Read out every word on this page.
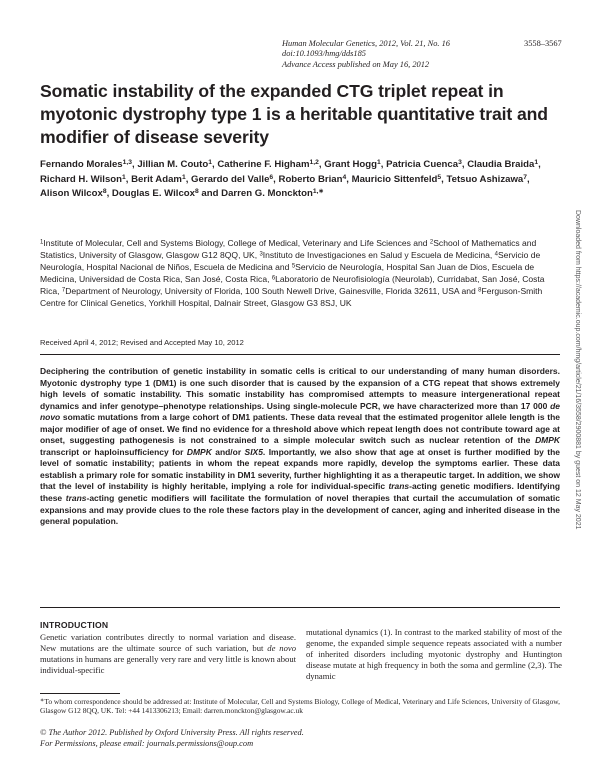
Human Molecular Genetics, 2012, Vol. 21, No. 16	3558–3567
doi:10.1093/hmg/dds185
Advance Access published on May 16, 2012
Somatic instability of the expanded CTG triplet repeat in myotonic dystrophy type 1 is a heritable quantitative trait and modifier of disease severity
Fernando Morales$^{1,3}$, Jillian M. Couto$^1$, Catherine F. Higham$^{1,2}$, Grant Hogg$^1$, Patricia Cuenca$^3$, Claudia Braida$^1$, Richard H. Wilson$^1$, Berit Adam$^1$, Gerardo del Valle$^6$, Roberto Brian$^4$, Mauricio Sittenfeld$^5$, Tetsuo Ashizawa$^7$, Alison Wilcox$^8$, Douglas E. Wilcox$^8$ and Darren G. Monckton$^{1,∗}$
$^1$Institute of Molecular, Cell and Systems Biology, College of Medical, Veterinary and Life Sciences and $^2$School of Mathematics and Statistics, University of Glasgow, Glasgow G12 8QQ, UK, $^3$Instituto de Investigaciones en Salud y Escuela de Medicina, $^4$Servicio de Neurología, Hospital Nacional de Niños, Escuela de Medicina and $^5$Servicio de Neurología, Hospital San Juan de Dios, Escuela de Medicina, Universidad de Costa Rica, San José, Costa Rica, $^6$Laboratorio de Neurofisiología (Neurolab), Curridabat, San José, Costa Rica, $^7$Department of Neurology, University of Florida, 100 South Newell Drive, Gainesville, Florida 32611, USA and $^8$Ferguson-Smith Centre for Clinical Genetics, Yorkhill Hospital, Dalnair Street, Glasgow G3 8SJ, UK
Received April 4, 2012; Revised and Accepted May 10, 2012
Deciphering the contribution of genetic instability in somatic cells is critical to our understanding of many human disorders. Myotonic dystrophy type 1 (DM1) is one such disorder that is caused by the expansion of a CTG repeat that shows extremely high levels of somatic instability. This somatic instability has compromised attempts to measure intergenerational repeat dynamics and infer genotype–phenotype relationships. Using single-molecule PCR, we have characterized more than 17 000 de novo somatic mutations from a large cohort of DM1 patients. These data reveal that the estimated progenitor allele length is the major modifier of age of onset. We find no evidence for a threshold above which repeat length does not contribute toward age at onset, suggesting pathogenesis is not constrained to a simple molecular switch such as nuclear retention of the DMPK transcript or haploinsufficiency for DMPK and/or SIX5. Importantly, we also show that age at onset is further modified by the level of somatic instability; patients in whom the repeat expands more rapidly, develop the symptoms earlier. These data establish a primary role for somatic instability in DM1 severity, further highlighting it as a therapeutic target. In addition, we show that the level of instability is highly heritable, implying a role for individual-specific trans-acting genetic modifiers. Identifying these trans-acting genetic modifiers will facilitate the formulation of novel therapies that curtail the accumulation of somatic expansions and may provide clues to the role these factors play in the development of cancer, aging and inherited disease in the general population.
INTRODUCTION
Genetic variation contributes directly to normal variation and disease. New mutations are the ultimate source of such variation, but de novo mutations in humans are generally very rare and very little is known about individual-specific
mutational dynamics (1). In contrast to the marked stability of most of the genome, the expanded simple sequence repeats associated with a number of inherited disorders including myotonic dystrophy and Huntington disease mutate at high frequency in both the soma and germline (2,3). The dynamic
∗To whom correspondence should be addressed at: Institute of Molecular, Cell and Systems Biology, College of Medical, Veterinary and Life Sciences, University of Glasgow, Glasgow G12 8QQ, UK. Tel: +44 1413306213; Email: darren.monckton@glasgow.ac.uk
© The Author 2012. Published by Oxford University Press. All rights reserved.
For Permissions, please email: journals.permissions@oup.com
Downloaded from https://academic.oup.com/hmg/article/21/16/3558/2900881 by guest on 12 May 2021
